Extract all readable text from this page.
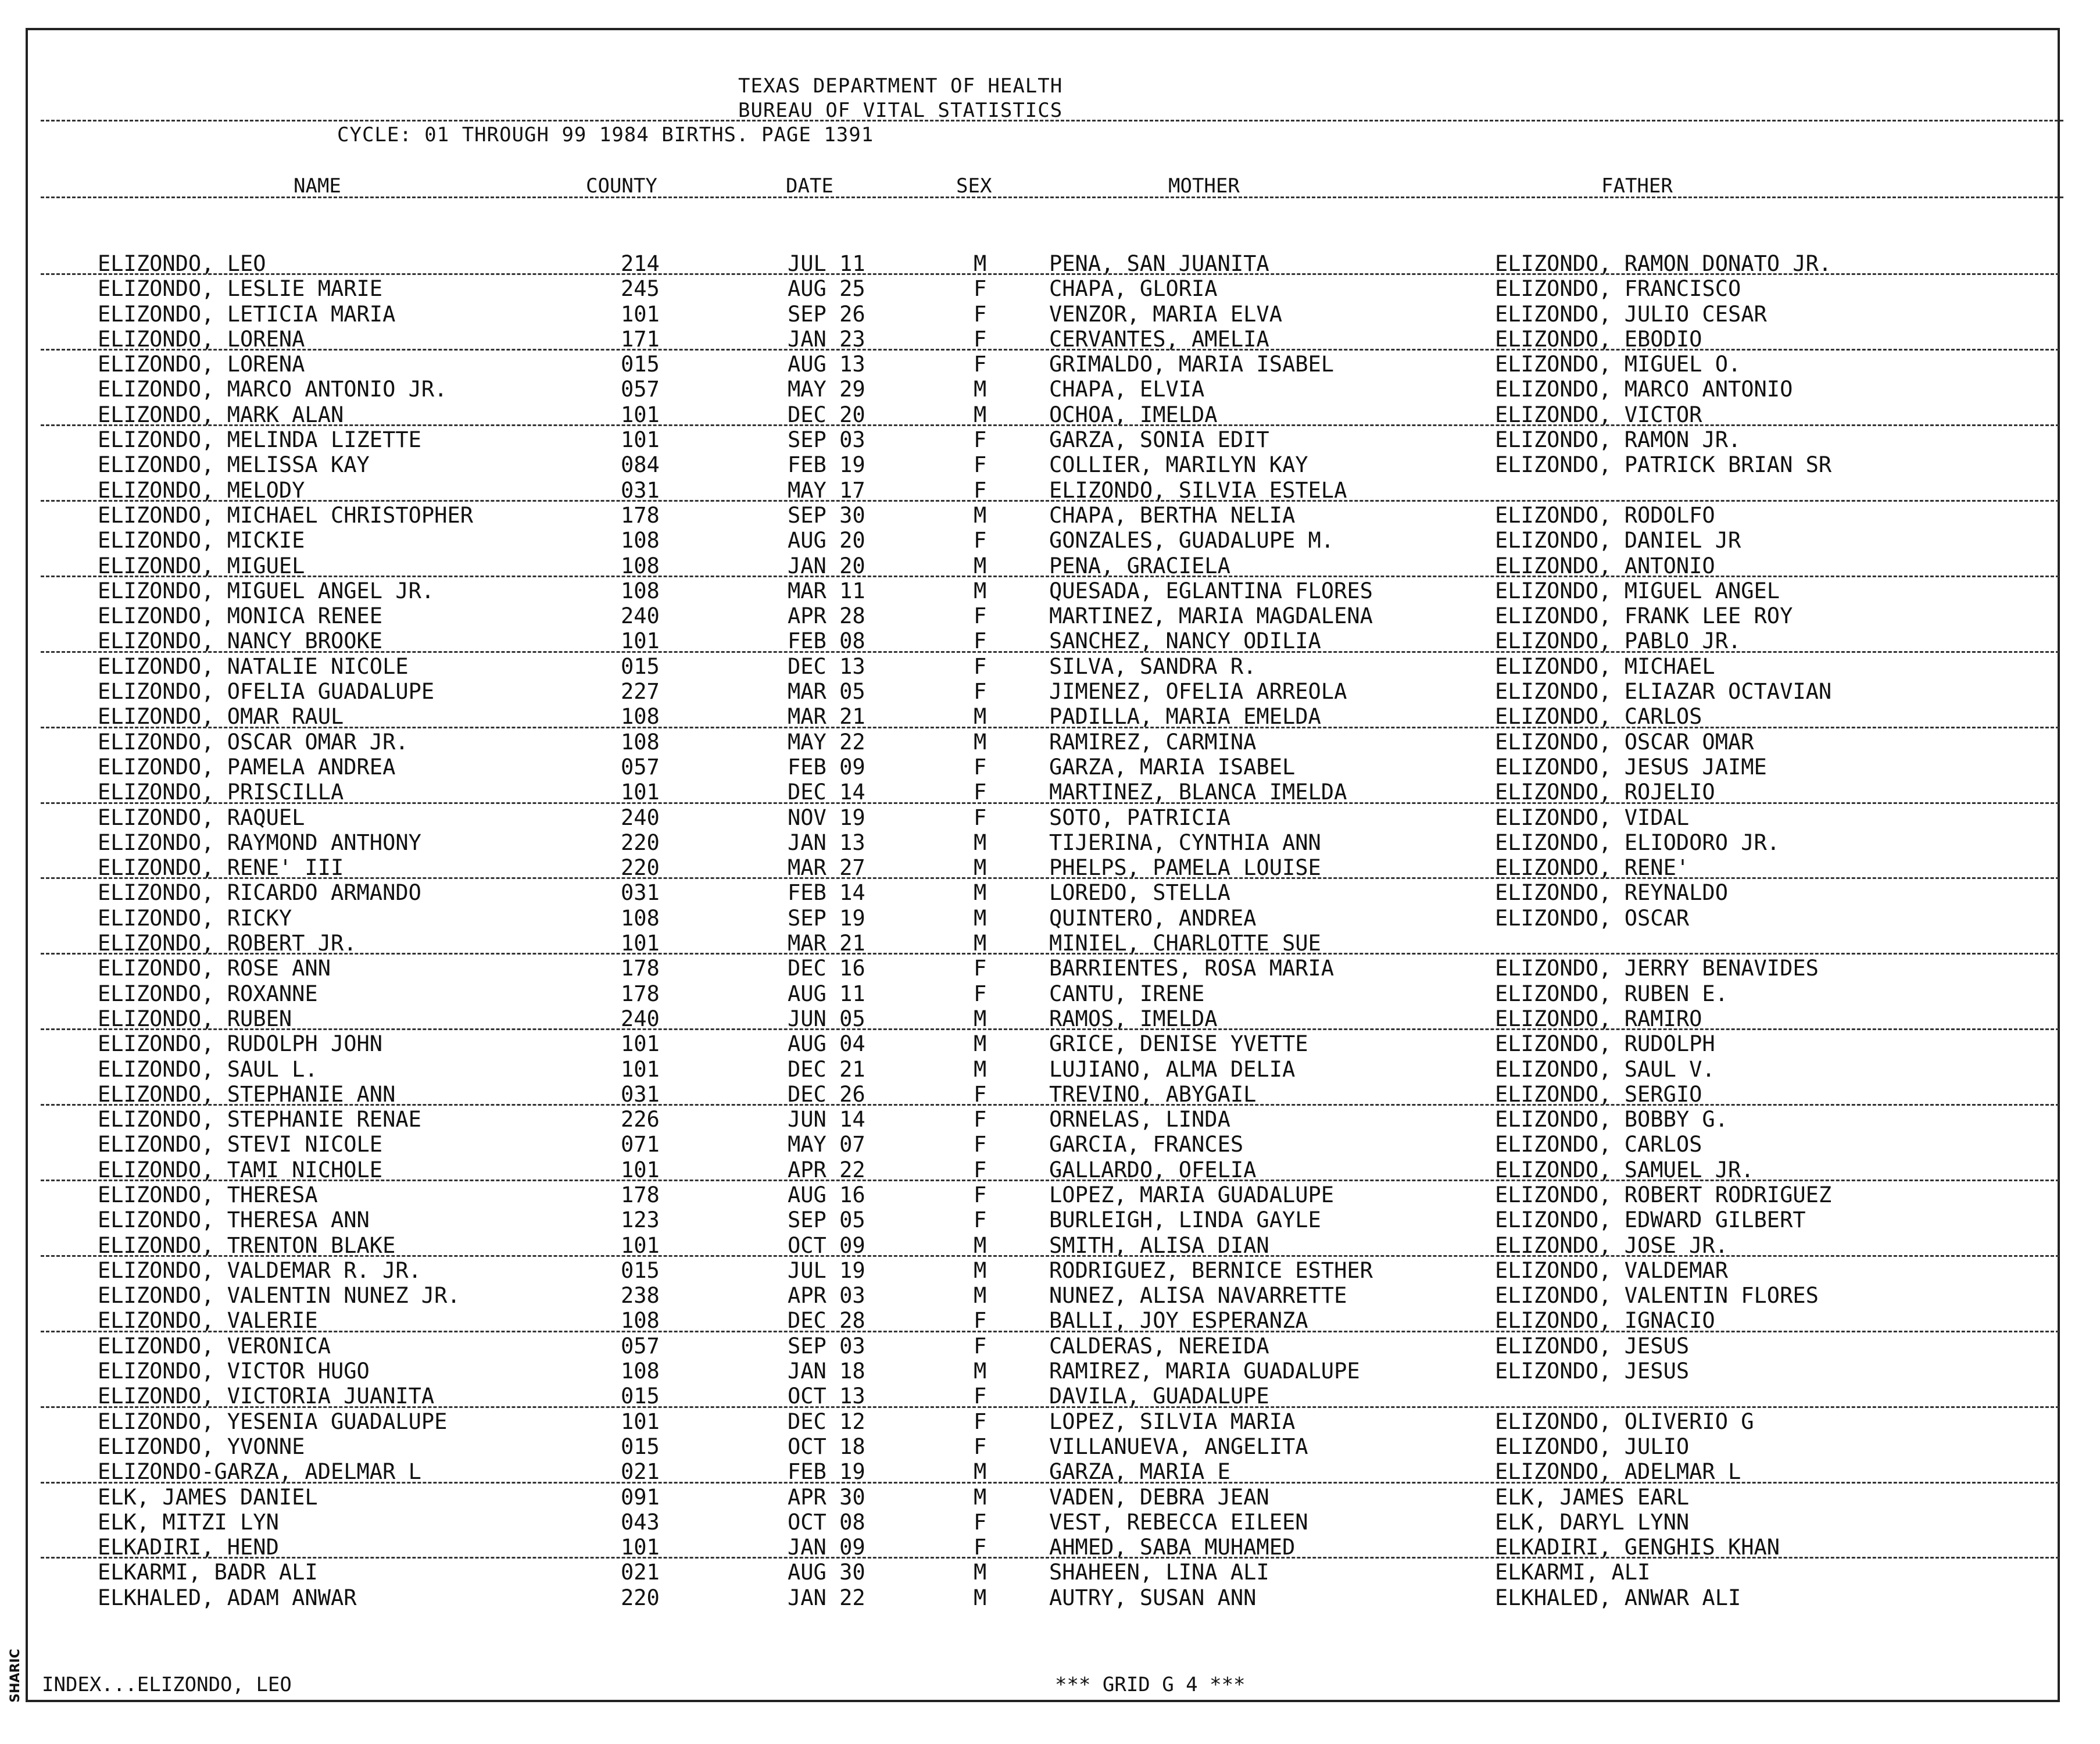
SHARIC
TEXAS DEPARTMENT OF HEALTH
BUREAU OF VITAL STATISTICS
CYCLE: 01 THROUGH 99 1984 BIRTHS. PAGE 1391
NAME	COUNTY	DATE	SEX	MOTHER	FATHER
ELIZONDO, LEO	214	JUL 11	M	PENA, SAN JUANITA	ELIZONDO, RAMON DONATO JR.
ELIZONDO, LESLIE MARIE	245	AUG 25	F	CHAPA, GLORIA	ELIZONDO, FRANCISCO
ELIZONDO, LETICIA MARIA	101	SEP 26	F	VENZOR, MARIA ELVA	ELIZONDO, JULIO CESAR
ELIZONDO, LORENA	171	JAN 23	F	CERVANTES, AMELIA	ELIZONDO, EBODIO
ELIZONDO, LORENA	015	AUG 13	F	GRIMALDO, MARIA ISABEL	ELIZONDO, MIGUEL O.
ELIZONDO, MARCO ANTONIO JR.	057	MAY 29	M	CHAPA, ELVIA	ELIZONDO, MARCO ANTONIO
ELIZONDO, MARK ALAN	101	DEC 20	M	OCHOA, IMELDA	ELIZONDO, VICTOR
ELIZONDO, MELINDA LIZETTE	101	SEP 03	F	GARZA, SONIA EDIT	ELIZONDO, RAMON JR.
ELIZONDO, MELISSA KAY	084	FEB 19	F	COLLIER, MARILYN KAY	ELIZONDO, PATRICK BRIAN SR
ELIZONDO, MELODY	031	MAY 17	F	ELIZONDO, SILVIA ESTELA
ELIZONDO, MICHAEL CHRISTOPHER	178	SEP 30	M	CHAPA, BERTHA NELIA	ELIZONDO, RODOLFO
ELIZONDO, MICKIE	108	AUG 20	F	GONZALES, GUADALUPE M.	ELIZONDO, DANIEL JR
ELIZONDO, MIGUEL	108	JAN 20	M	PENA, GRACIELA	ELIZONDO, ANTONIO
ELIZONDO, MIGUEL ANGEL JR.	108	MAR 11	M	QUESADA, EGLANTINA FLORES	ELIZONDO, MIGUEL ANGEL
ELIZONDO, MONICA RENEE	240	APR 28	F	MARTINEZ, MARIA MAGDALENA	ELIZONDO, FRANK LEE ROY
ELIZONDO, NANCY BROOKE	101	FEB 08	F	SANCHEZ, NANCY ODILIA	ELIZONDO, PABLO JR.
ELIZONDO, NATALIE NICOLE	015	DEC 13	F	SILVA, SANDRA R.	ELIZONDO, MICHAEL
ELIZONDO, OFELIA GUADALUPE	227	MAR 05	F	JIMENEZ, OFELIA ARREOLA	ELIZONDO, ELIAZAR OCTAVIAN
ELIZONDO, OMAR RAUL	108	MAR 21	M	PADILLA, MARIA EMELDA	ELIZONDO, CARLOS
ELIZONDO, OSCAR OMAR JR.	108	MAY 22	M	RAMIREZ, CARMINA	ELIZONDO, OSCAR OMAR
ELIZONDO, PAMELA ANDREA	057	FEB 09	F	GARZA, MARIA ISABEL	ELIZONDO, JESUS JAIME
ELIZONDO, PRISCILLA	101	DEC 14	F	MARTINEZ, BLANCA IMELDA	ELIZONDO, ROJELIO
ELIZONDO, RAQUEL	240	NOV 19	F	SOTO, PATRICIA	ELIZONDO, VIDAL
ELIZONDO, RAYMOND ANTHONY	220	JAN 13	M	TIJERINA, CYNTHIA ANN	ELIZONDO, ELIODORO JR.
ELIZONDO, RENE' III	220	MAR 27	M	PHELPS, PAMELA LOUISE	ELIZONDO, RENE'
ELIZONDO, RICARDO ARMANDO	031	FEB 14	M	LOREDO, STELLA	ELIZONDO, REYNALDO
ELIZONDO, RICKY	108	SEP 19	M	QUINTERO, ANDREA	ELIZONDO, OSCAR
ELIZONDO, ROBERT JR.	101	MAR 21	M	MINIEL, CHARLOTTE SUE
ELIZONDO, ROSE ANN	178	DEC 16	F	BARRIENTES, ROSA MARIA	ELIZONDO, JERRY BENAVIDES
ELIZONDO, ROXANNE	178	AUG 11	F	CANTU, IRENE	ELIZONDO, RUBEN E.
ELIZONDO, RUBEN	240	JUN 05	M	RAMOS, IMELDA	ELIZONDO, RAMIRO
ELIZONDO, RUDOLPH JOHN	101	AUG 04	M	GRICE, DENISE YVETTE	ELIZONDO, RUDOLPH
ELIZONDO, SAUL L.	101	DEC 21	M	LUJIANO, ALMA DELIA	ELIZONDO, SAUL V.
ELIZONDO, STEPHANIE ANN	031	DEC 26	F	TREVINO, ABYGAIL	ELIZONDO, SERGIO
ELIZONDO, STEPHANIE RENAE	226	JUN 14	F	ORNELAS, LINDA	ELIZONDO, BOBBY G.
ELIZONDO, STEVI NICOLE	071	MAY 07	F	GARCIA, FRANCES	ELIZONDO, CARLOS
ELIZONDO, TAMI NICHOLE	101	APR 22	F	GALLARDO, OFELIA	ELIZONDO, SAMUEL JR.
ELIZONDO, THERESA	178	AUG 16	F	LOPEZ, MARIA GUADALUPE	ELIZONDO, ROBERT RODRIGUEZ
ELIZONDO, THERESA ANN	123	SEP 05	F	BURLEIGH, LINDA GAYLE	ELIZONDO, EDWARD GILBERT
ELIZONDO, TRENTON BLAKE	101	OCT 09	M	SMITH, ALISA DIAN	ELIZONDO, JOSE JR.
ELIZONDO, VALDEMAR R. JR.	015	JUL 19	M	RODRIGUEZ, BERNICE ESTHER	ELIZONDO, VALDEMAR
ELIZONDO, VALENTIN NUNEZ JR.	238	APR 03	M	NUNEZ, ALISA NAVARRETTE	ELIZONDO, VALENTIN FLORES
ELIZONDO, VALERIE	108	DEC 28	F	BALLI, JOY ESPERANZA	ELIZONDO, IGNACIO
ELIZONDO, VERONICA	057	SEP 03	F	CALDERAS, NEREIDA	ELIZONDO, JESUS
ELIZONDO, VICTOR HUGO	108	JAN 18	M	RAMIREZ, MARIA GUADALUPE	ELIZONDO, JESUS
ELIZONDO, VICTORIA JUANITA	015	OCT 13	F	DAVILA, GUADALUPE
ELIZONDO, YESENIA GUADALUPE	101	DEC 12	F	LOPEZ, SILVIA MARIA	ELIZONDO, OLIVERIO G
ELIZONDO, YVONNE	015	OCT 18	F	VILLANUEVA, ANGELITA	ELIZONDO, JULIO
ELIZONDO-GARZA, ADELMAR L	021	FEB 19	M	GARZA, MARIA E	ELIZONDO, ADELMAR L
ELK, JAMES DANIEL	091	APR 30	M	VADEN, DEBRA JEAN	ELK, JAMES EARL
ELK, MITZI LYN	043	OCT 08	F	VEST, REBECCA EILEEN	ELK, DARYL LYNN
ELKADIRI, HEND	101	JAN 09	F	AHMED, SABA MUHAMED	ELKADIRI, GENGHIS KHAN
ELKARMI, BADR ALI	021	AUG 30	M	SHAHEEN, LINA ALI	ELKARMI, ALI
ELKHALED, ADAM ANWAR	220	JAN 22	M	AUTRY, SUSAN ANN	ELKHALED, ANWAR ALI
INDEX...ELIZONDO, LEO	*** GRID G 4 ***
